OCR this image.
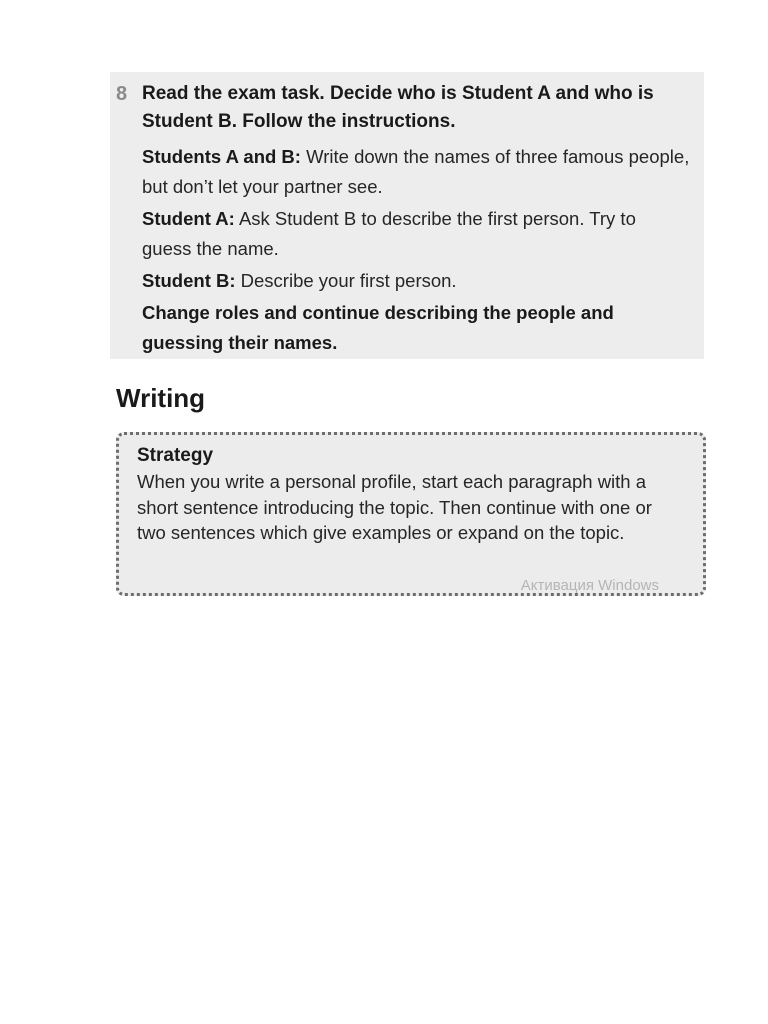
8 Read the exam task. Decide who is Student A and who is Student B. Follow the instructions.

Students A and B: Write down the names of three famous people, but don’t let your partner see.

Student A: Ask Student B to describe the first person. Try to guess the name.

Student B: Describe your first person.

Change roles and continue describing the people and guessing their names.

Writing

Strategy

When you write a personal profile, start each paragraph with a short sentence introducing the topic. Then continue with one or two sentences which give examples or expand on the topic.

Активация Windows
